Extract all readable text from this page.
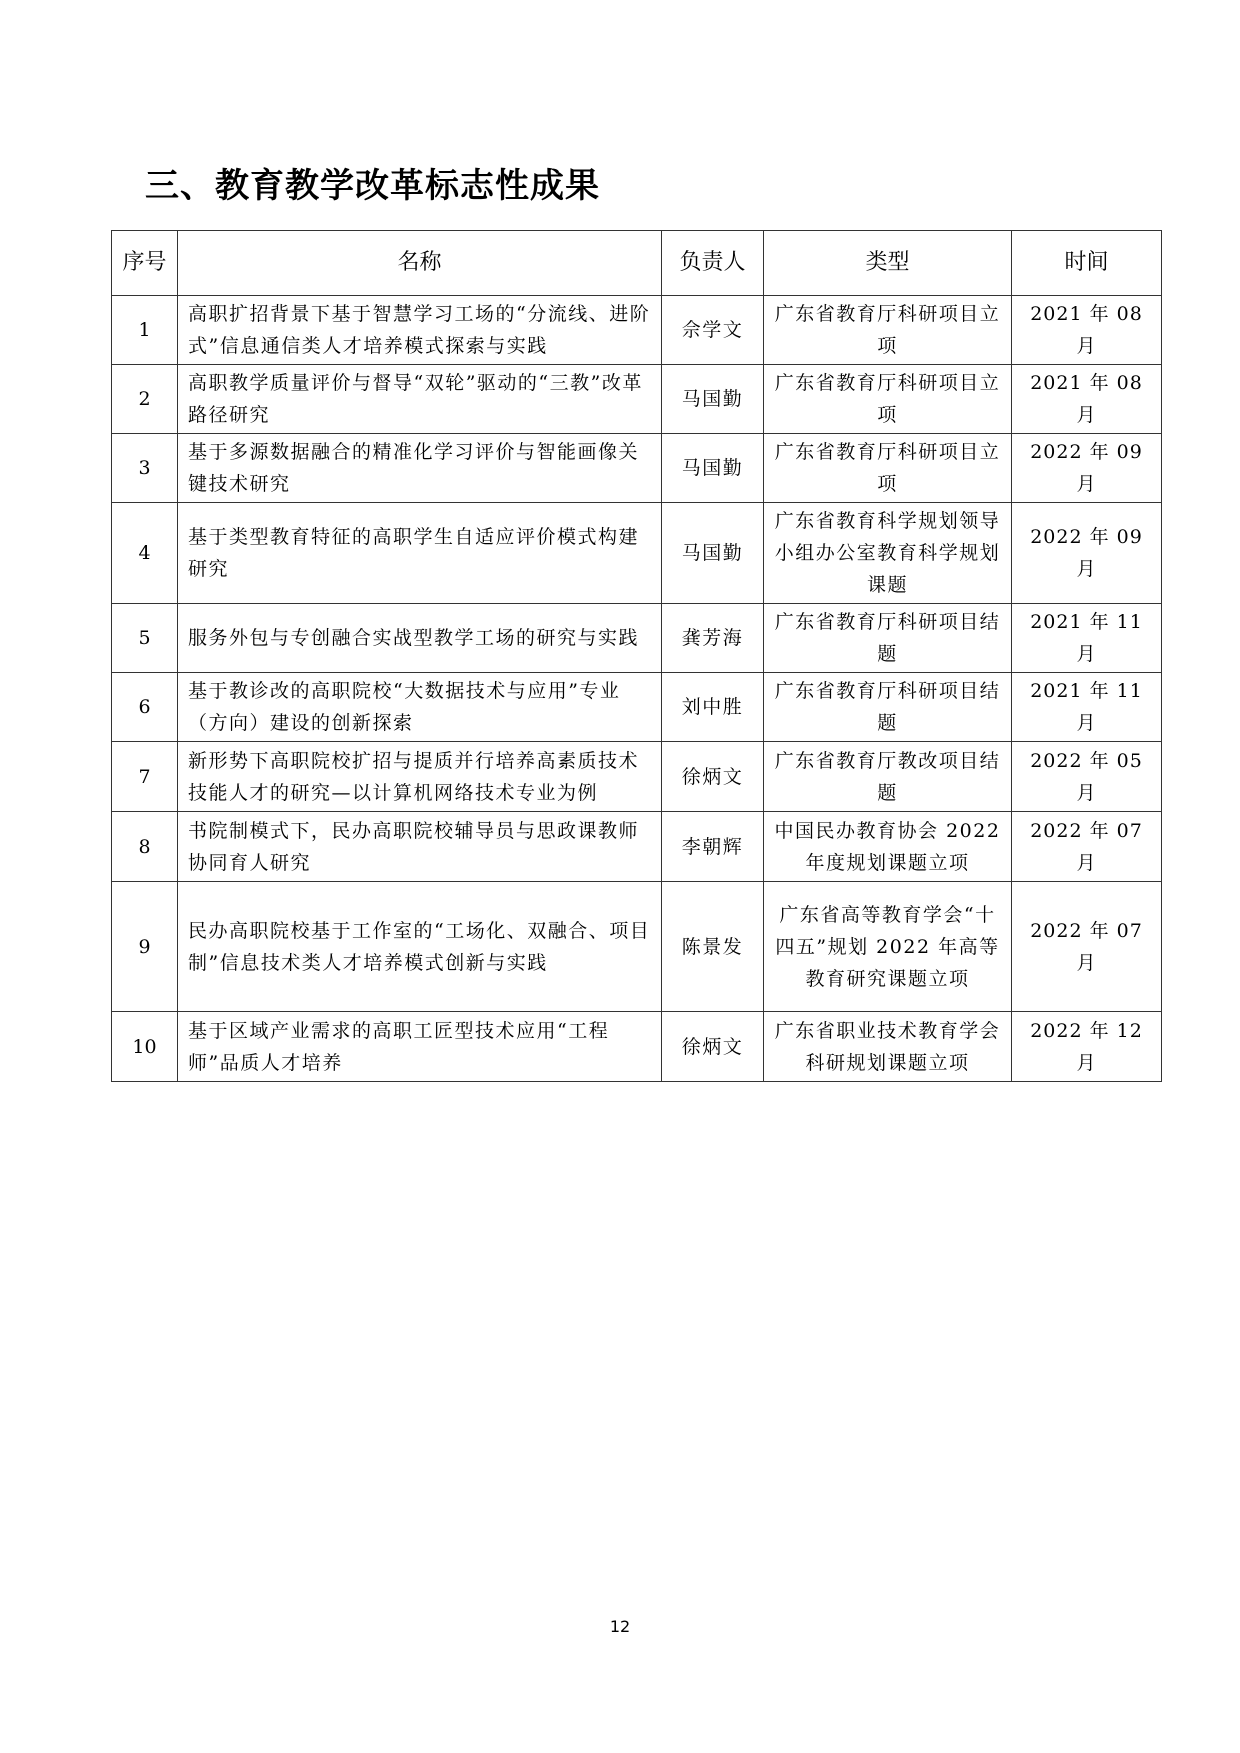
三、教育教学改革标志性成果
序号	名称	负责人	类型	时间
1	高职扩招背景下基于智慧学习工场的“分流线、进阶式”信息通信类人才培养模式探索与实践	佘学文	广东省教育厅科研项目立项	2021 年 08 月
2	高职教学质量评价与督导“双轮”驱动的“三教”改革路径研究	马国勤	广东省教育厅科研项目立项	2021 年 08 月
3	基于多源数据融合的精准化学习评价与智能画像关键技术研究	马国勤	广东省教育厅科研项目立项	2022 年 09 月
4	基于类型教育特征的高职学生自适应评价模式构建研究	马国勤	广东省教育科学规划领导小组办公室教育科学规划课题	2022 年 09 月
5	服务外包与专创融合实战型教学工场的研究与实践	龚芳海	广东省教育厅科研项目结题	2021 年 11 月
6	基于教诊改的高职院校“大数据技术与应用”专业（方向）建设的创新探索	刘中胜	广东省教育厅科研项目结题	2021 年 11 月
7	新形势下高职院校扩招与提质并行培养高素质技术技能人才的研究—以计算机网络技术专业为例	徐炳文	广东省教育厅教改项目结题	2022 年 05 月
8	书院制模式下，民办高职院校辅导员与思政课教师协同育人研究	李朝辉	中国民办教育协会 2022 年度规划课题立项	2022 年 07 月
9	民办高职院校基于工作室的“工场化、双融合、项目制”信息技术类人才培养模式创新与实践	陈景发	广东省高等教育学会“十四五”规划 2022 年高等教育研究课题立项	2022 年 07 月
10	基于区域产业需求的高职工匠型技术应用“工程师”品质人才培养	徐炳文	广东省职业技术教育学会科研规划课题立项	2022 年 12 月
12
